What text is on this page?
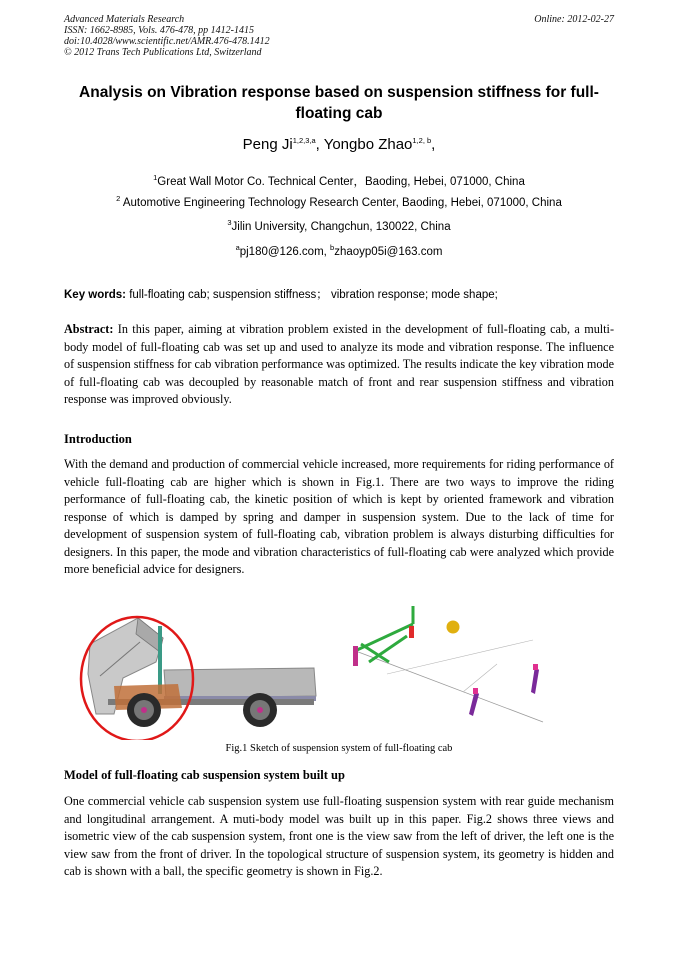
Advanced Materials Research
ISSN: 1662-8985, Vols. 476-478, pp 1412-1415
doi:10.4028/www.scientific.net/AMR.476-478.1412
© 2012 Trans Tech Publications Ltd, Switzerland
Online: 2012-02-27
Analysis on Vibration response based on suspension stiffness for full-floating cab
Peng Ji$^{1,2,3,a}$, Yongbo Zhao$^{1,2, b}$,
$^1$Great Wall Motor Co. Technical Center，Baoding, Hebei, 071000, China
$^2$ Automotive Engineering Technology Research Center, Baoding, Hebei, 071000, China
$^3$Jilin University, Changchun, 130022, China
$^a$pj180@126.com, $^b$zhaoyp05i@163.com
Key words: full-floating cab; suspension stiffness； vibration response; mode shape;
Abstract: In this paper, aiming at vibration problem existed in the development of full-floating cab, a multi-body model of full-floating cab was set up and used to analyze its mode and vibration response. The influence of suspension stiffness for cab vibration performance was optimized. The results indicate the key vibration mode of full-floating cab was decoupled by reasonable match of front and rear suspension stiffness and vibration response was improved obviously.
Introduction
With the demand and production of commercial vehicle increased, more requirements for riding performance of vehicle full-floating cab are higher which is shown in Fig.1. There are two ways to improve the riding performance of full-floating cab, the kinetic position of which is kept by oriented framework and vibration response of which is damped by spring and damper in suspension system. Due to the lack of time for development of suspension system of full-floating cab, vibration problem is always disturbing difficulties for designers. In this paper, the mode and vibration characteristics of full-floating cab were analyzed which provide more beneficial advice for designers.
Fig.1 Sketch of suspension system of full-floating cab
Model of full-floating cab suspension system built up
One commercial vehicle cab suspension system use full-floating suspension system with rear guide mechanism and longitudinal arrangement. A muti-body model was built up in this paper. Fig.2 shows three views and isometric view of the cab suspension system, front one is the view saw from the left of driver, the left one is the view saw from the front of driver. In the topological structure of suspension system, its geometry is hidden and cab is shown with a ball, the specific geometry is shown in Fig.2.
